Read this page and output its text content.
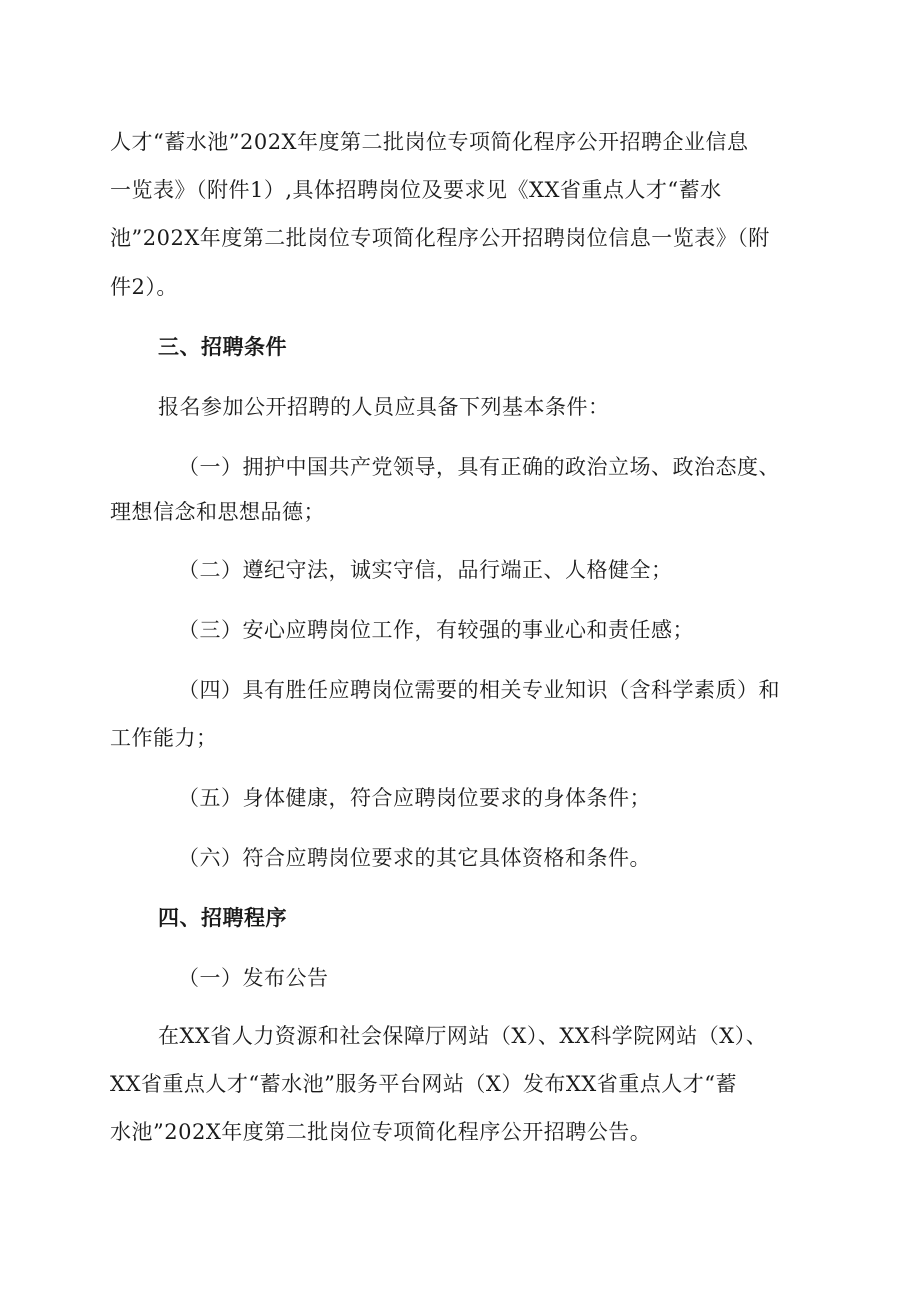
人才“蓄水池”202X年度第二批岗位专项简化程序公开招聘企业信息
一览表》（附件1）,具体招聘岗位及要求见《XX省重点人才“蓄水
池”202X年度第二批岗位专项简化程序公开招聘岗位信息一览表》（附
件2）。
三、招聘条件
报名参加公开招聘的人员应具备下列基本条件：
（一）拥护中国共产党领导，具有正确的政治立场、政治态度、
理想信念和思想品德；
（二）遵纪守法，诚实守信，品行端正、人格健全；
（三）安心应聘岗位工作，有较强的事业心和责任感；
（四）具有胜任应聘岗位需要的相关专业知识（含科学素质）和
工作能力；
（五）身体健康，符合应聘岗位要求的身体条件；
（六）符合应聘岗位要求的其它具体资格和条件。
四、招聘程序
（一）发布公告
在XX省人力资源和社会保障厅网站（X）、XX科学院网站（X）、
XX省重点人才“蓄水池”服务平台网站（X）发布XX省重点人才“蓄
水池”202X年度第二批岗位专项简化程序公开招聘公告。
